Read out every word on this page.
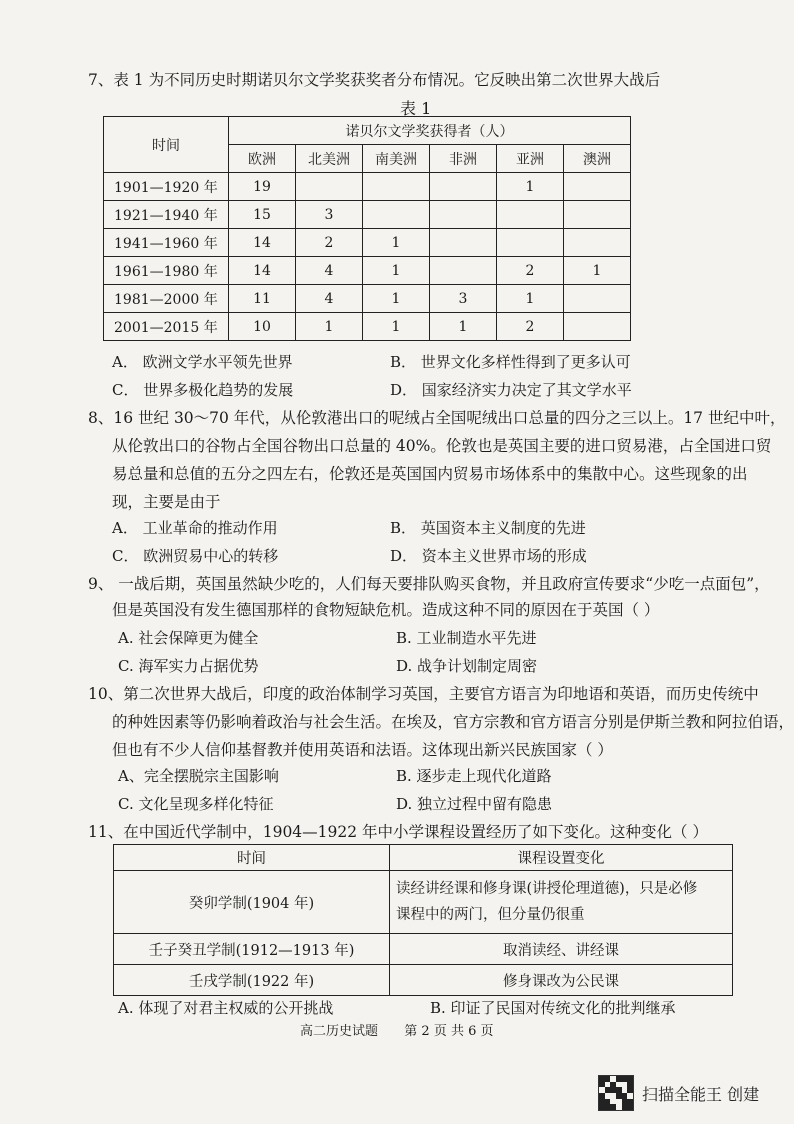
7、表 1 为不同历史时期诺贝尔文学奖获奖者分布情况。它反映出第二次世界大战后
表 1
时间	诺贝尔文学奖获得者（人）					
	欧洲	北美洲	南美洲	非洲	亚洲	澳洲
1901—1920 年	19				1	
1921—1940 年	15	3				
1941—1960 年	14	2	1			
1961—1980 年	14	4	1		2	1
1981—2000 年	11	4	1	3	1	
2001—2015 年	10	1	1	1	2	
A． 欧洲文学水平领先世界	B． 世界文化多样性得到了更多认可
C． 世界多极化趋势的发展	D． 国家经济实力决定了其文学水平
8、16 世纪 30～70 年代，从伦敦港出口的呢绒占全国呢绒出口总量的四分之三以上。17 世纪中叶，
从伦敦出口的谷物占全国谷物出口总量的 40%。伦敦也是英国主要的进口贸易港，占全国进口贸
易总量和总值的五分之四左右，伦敦还是英国国内贸易市场体系中的集散中心。这些现象的出
现，主要是由于
A． 工业革命的推动作用	B． 英国资本主义制度的先进
C． 欧洲贸易中心的转移	D． 资本主义世界市场的形成
9、 一战后期，英国虽然缺少吃的，人们每天要排队购买食物，并且政府宣传要求“少吃一点面包”，
但是英国没有发生德国那样的食物短缺危机。造成这种不同的原因在于英国（ ）
A. 社会保障更为健全	B. 工业制造水平先进
C. 海军实力占据优势	D. 战争计划制定周密
10、第二次世界大战后，印度的政治体制学习英国，主要官方语言为印地语和英语，而历史传统中
的种姓因素等仍影响着政治与社会生活。在埃及，官方宗教和官方语言分别是伊斯兰教和阿拉伯语，
但也有不少人信仰基督教并使用英语和法语。这体现出新兴民族国家（ ）
A、完全摆脱宗主国影响	B. 逐步走上现代化道路
C. 文化呈现多样化特征	D. 独立过程中留有隐患
11、在中国近代学制中，1904—1922 年中小学课程设置经历了如下变化。这种变化（ ）
时间	课程设置变化
癸卯学制(1904 年)	读经讲经课和修身课(讲授伦理道德)，只是必修
课程中的两门，但分量仍很重

壬子癸丑学制(1912—1913 年)	取消读经、讲经课
壬戌学制(1922 年)	修身课改为公民课
A. 体现了对君主权威的公开挑战	B. 印证了民国对传统文化的批判继承
高二历史试题 第 2 页 共 6 页
扫描全能王 创建
